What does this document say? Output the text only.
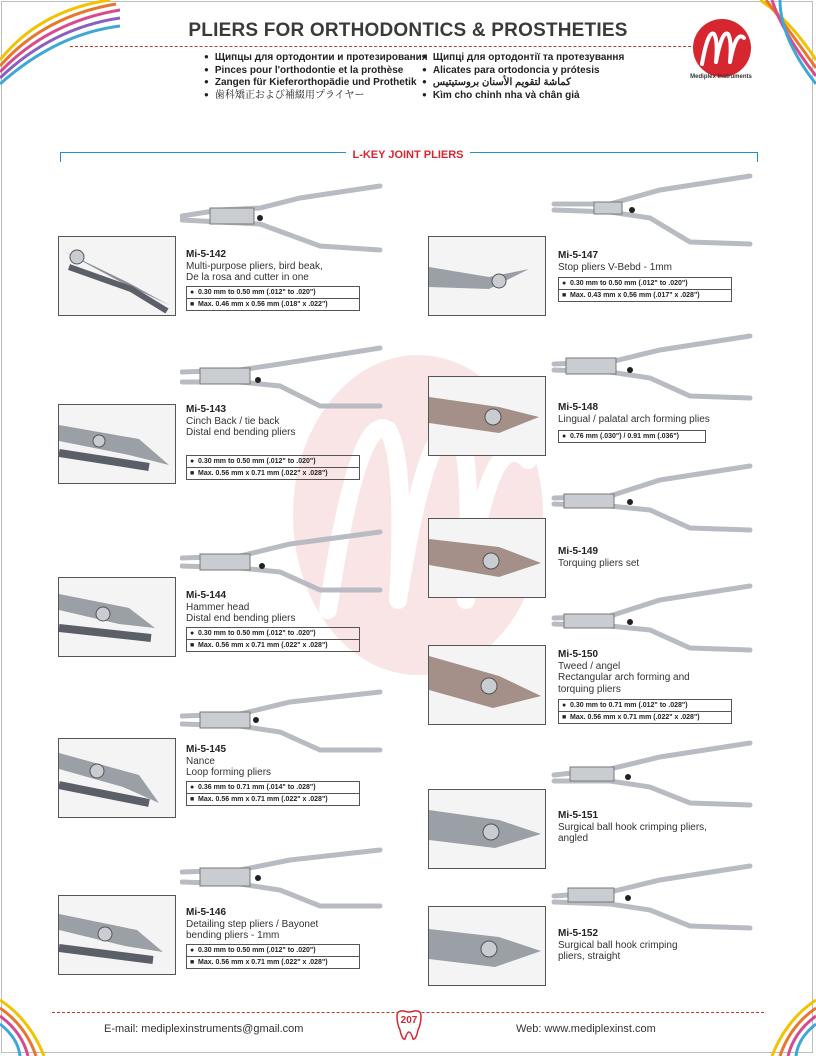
PLIERS FOR ORTHODONTICS & PROSTHETIES
● Щипцы для ортодонтии и протезирования
● Pinces pour l'orthodontie et la prothèse
● Zangen für Kieferorthopädie und Prothetik
● 歯科矯正および補綴用プライヤー
● Щипці для ортодонтії та протезування
● Alicates para ortodoncia y prótesis
● كماشة لتقويم الأسنان بروستيتيس
● Kìm cho chỉnh nha và chân giả
Mediplex Instruments
L-KEY JOINT PLIERS
Mi-5-142
Multi-purpose pliers, bird beak,
De la rosa and cutter in one
● 0.30 mm to 0.50 mm (.012" to .020")
■ Max. 0.46 mm x 0.56 mm (.018" x .022")
Mi-5-143
Cinch Back / tie back
Distal end bending pliers
● 0.30 mm to 0.50 mm (.012" to .020")
■ Max. 0.56 mm x 0.71 mm (.022" x .028")
Mi-5-144
Hammer head
Distal end bending pliers
● 0.30 mm to 0.50 mm (.012" to .020")
■ Max. 0.56 mm x 0.71 mm (.022" x .028")
Mi-5-145
Nance
Loop forming pliers
● 0.36 mm to 0.71 mm (.014" to .028")
■ Max. 0.56 mm x 0.71 mm (.022" x .028")
Mi-5-146
Detailing step pliers / Bayonet
bending pliers - 1mm
● 0.30 mm to 0.50 mm (.012" to .020")
■ Max. 0.56 mm x 0.71 mm (.022" x .028")
Mi-5-147
Stop pliers V-Bebd - 1mm
● 0.30 mm to 0.50 mm (.012" to .020")
■ Max. 0.43 mm x 0.56 mm (.017" x .028")
Mi-5-148
Lingual / palatal arch forming plies
● 0.76 mm (.030") / 0.91 mm (.036")
Mi-5-149
Torquing pliers set
Mi-5-150
Tweed / angel
Rectangular arch forming and
torquing pliers
● 0.30 mm to 0.71 mm (.012" to .028")
■ Max. 0.56 mm x 0.71 mm (.022" x .028")
Mi-5-151
Surgical ball hook crimping pliers,
angled
Mi-5-152
Surgical ball hook crimping
pliers, straight
E-mail: mediplexinstruments@gmail.com
207
Web: www.mediplexinst.com
